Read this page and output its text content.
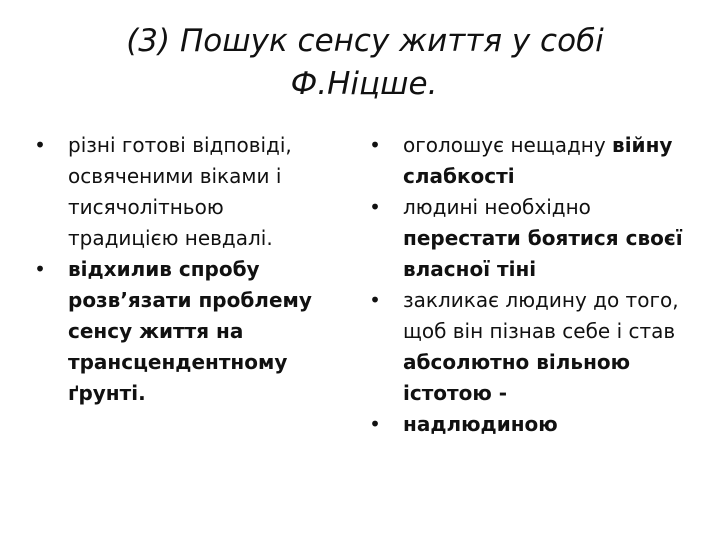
(3) Пошук сенсу життя у собі
Ф.Ніцше.
• різні готові відповіді, освяченими віками і тисячолітньою традицією невдалі.
• відхилив спробу розв’язати проблему сенсу життя на трансцендентному ґрунті.
• оголошує нещадну війну слабкості
• людині необхідно перестати боятися своєї власної тіні
• закликає людину до того, щоб він пізнав себе і став абсолютно вільною істотою -
• надлюдиною
